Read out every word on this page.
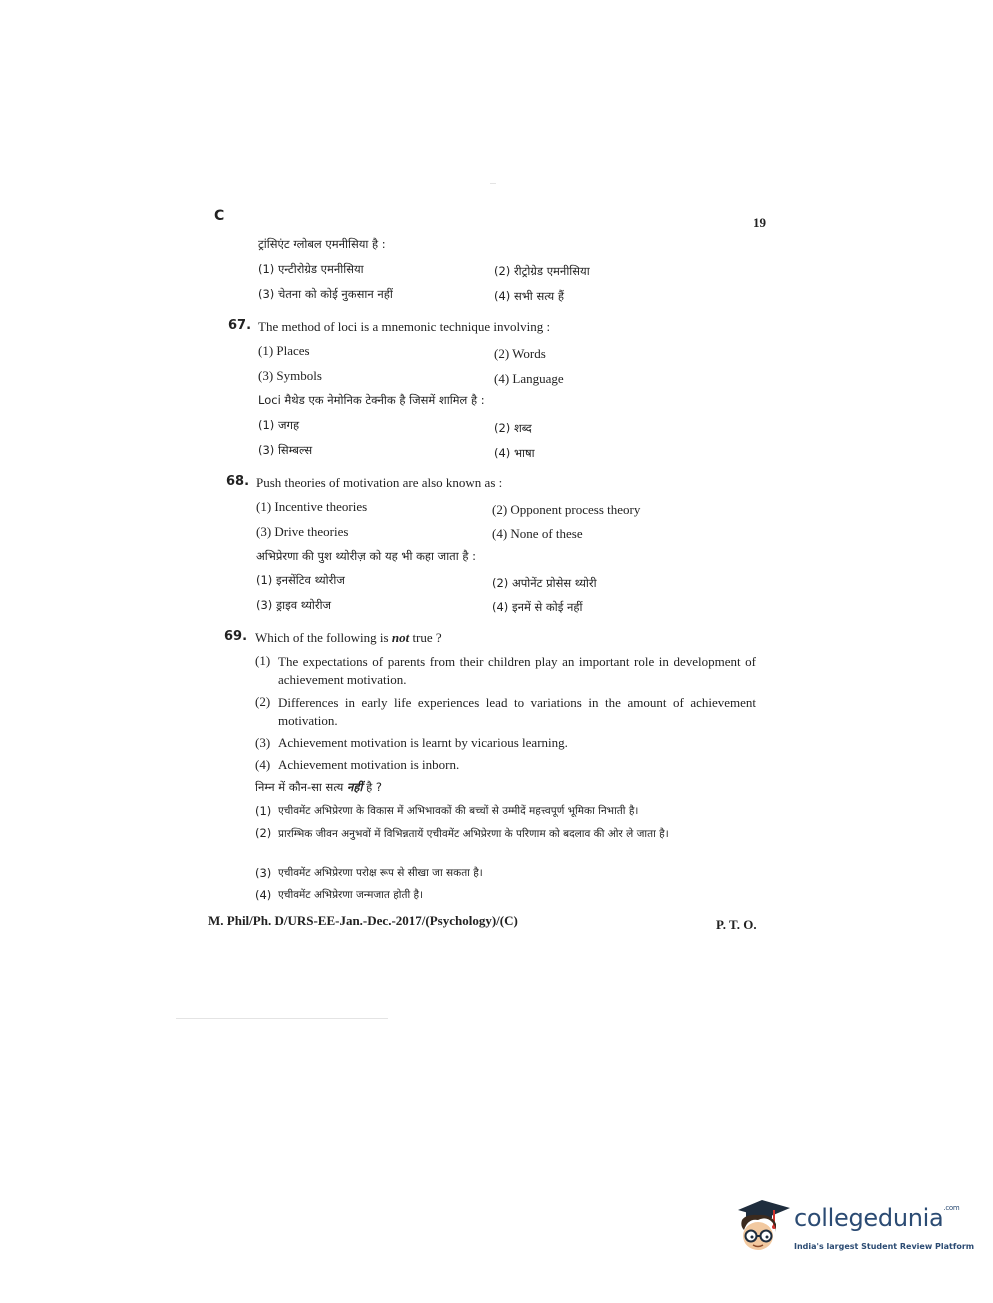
C	19
ट्रांसिएंट ग्लोबल एमनीसिया है :
(1) एन्टीरोग्रेड एमनीसिया	(2) रीट्रोग्रेड एमनीसिया
(3) चेतना को कोई नुकसान नहीं	(4) सभी सत्य हैं
67. The method of loci is a mnemonic technique involving :
(1) Places	(2) Words
(3) Symbols	(4) Language
Loci मैथेड एक नेमोनिक टेक्नीक है जिसमें शामिल है :
(1) जगह	(2) शब्द
(3) सिम्बल्स	(4) भाषा
68. Push theories of motivation are also known as :
(1) Incentive theories	(2) Opponent process theory
(3) Drive theories	(4) None of these
अभिप्रेरणा की पुश थ्योरीज़ को यह भी कहा जाता है :
(1) इनसेंटिव थ्योरीज	(2) अपोनेंट प्रोसेस थ्योरी
(3) ड्राइव थ्योरीज	(4) इनमें से कोई नहीं
69. Which of the following is not true ?
(1) The expectations of parents from their children play an important role in development of achievement motivation.
(2) Differences in early life experiences lead to variations in the amount of achievement motivation.
(3) Achievement motivation is learnt by vicarious learning.
(4) Achievement motivation is inborn.
निम्न में कौन-सा सत्य नहीं है ?
(1) एचीवमेंट अभिप्रेरणा के विकास में अभिभावकों की बच्चों से उम्मीदें महत्त्वपूर्ण भूमिका निभाती है।
(2) प्रारम्भिक जीवन अनुभवों में विभिन्नतायें एचीवमेंट अभिप्रेरणा के परिणाम को बदलाव की ओर ले जाता है।
(3) एचीवमेंट अभिप्रेरणा परोक्ष रूप से सीखा जा सकता है।
(4) एचीवमेंट अभिप्रेरणा जन्मजात होती है।
M. Phil/Ph. D/URS-EE-Jan.-Dec.-2017/(Psychology)/(C)	P. T. O.
collegedunia$^{.com}$
India's largest Student Review Platform
